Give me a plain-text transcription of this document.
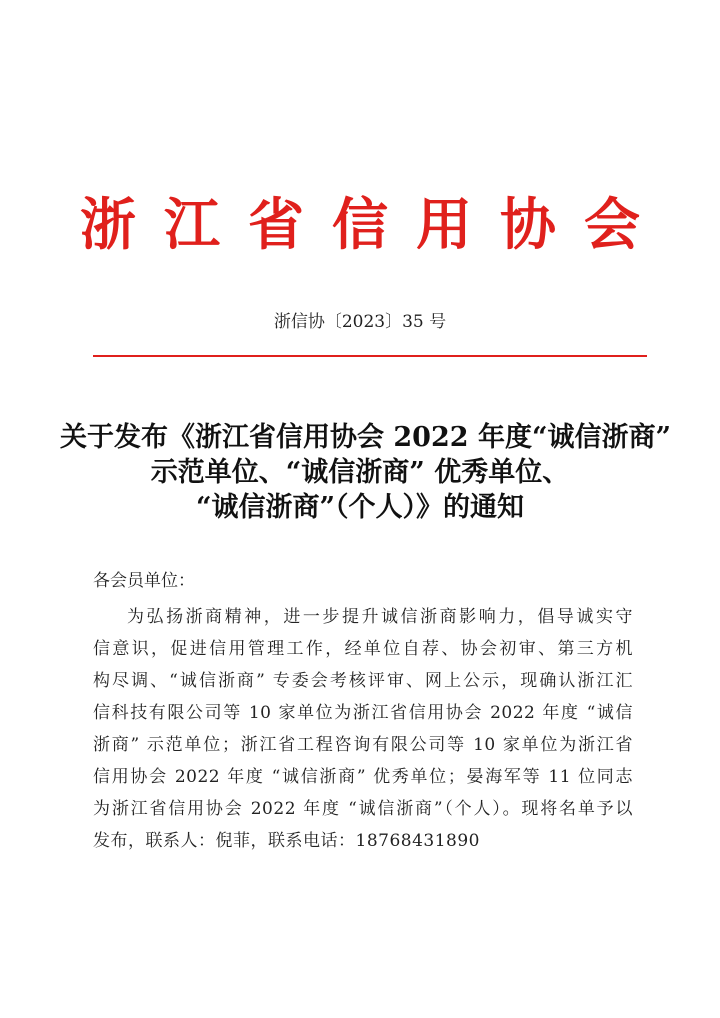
浙江省信用协会
浙信协〔2023〕35 号
关于发布《浙江省信用协会 2022 年度“诚信浙商”
示范单位、“诚信浙商” 优秀单位、
“诚信浙商”（个人）》的通知
各会员单位：
为弘扬浙商精神，进一步提升诚信浙商影响力，倡导诚实守
信意识，促进信用管理工作，经单位自荐、协会初审、第三方机
构尽调、“诚信浙商” 专委会考核评审、网上公示，现确认浙江汇
信科技有限公司等 10 家单位为浙江省信用协会 2022 年度 “诚信
浙商” 示范单位；浙江省工程咨询有限公司等 10 家单位为浙江省
信用协会 2022 年度 “诚信浙商” 优秀单位；晏海军等 11 位同志
为浙江省信用协会 2022 年度 “诚信浙商”（个人）。现将名单予以
发布，联系人：倪菲，联系电话：18768431890
